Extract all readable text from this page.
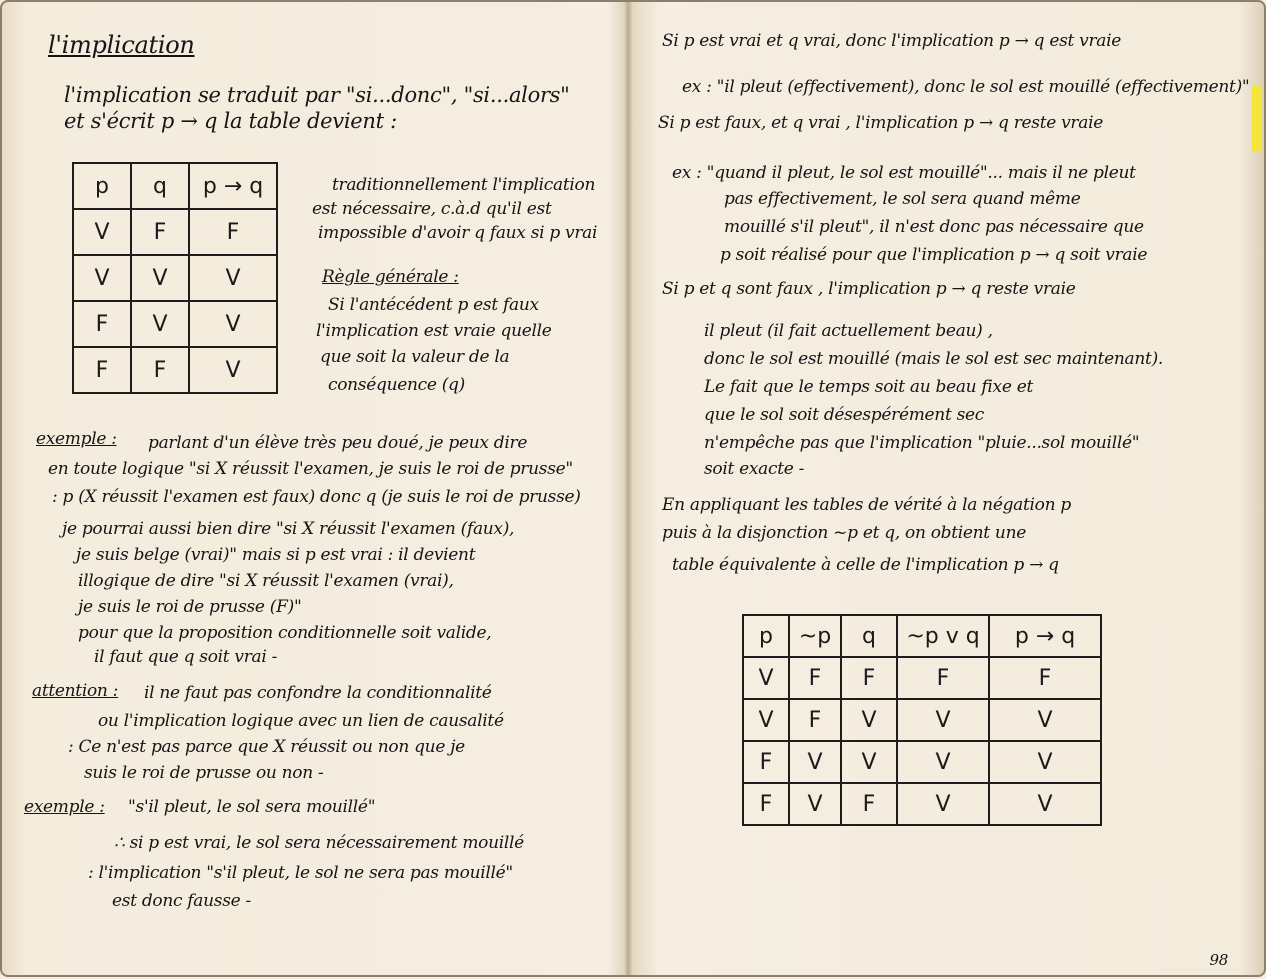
l'implication
l'implication se traduit par "si...donc", "si...alors"
et s'écrit p → q la table devient :
p	q	p → q
V	F	F
V	V	V
F	V	V
F	F	V
traditionnellement l'implication
est nécessaire, c.à.d qu'il est
impossible d'avoir q faux si p vrai
Règle générale :
Si l'antécédent p est faux
l'implication est vraie quelle
que soit la valeur de la
conséquence (q)
exemple : parlant d'un élève très peu doué, je peux dire
en toute logique "si X réussit l'examen, je suis le roi de prusse"
: p (X réussit l'examen est faux) donc q (je suis le roi de prusse)
je pourrai aussi bien dire "si X réussit l'examen (faux),
je suis belge (vrai)" mais si p est vrai : il devient
illogique de dire "si X réussit l'examen (vrai),
je suis le roi de prusse (F)"
pour que la proposition conditionnelle soit valide,
il faut que q soit vrai -
attention : il ne faut pas confondre la conditionnalité
ou l'implication logique avec un lien de causalité
: Ce n'est pas parce que X réussit ou non que je
suis le roi de prusse ou non -
exemple : "s'il pleut, le sol sera mouillé"
∴ si p est vrai, le sol sera nécessairement mouillé
: l'implication "s'il pleut, le sol ne sera pas mouillé"
est donc fausse -
Si p est vrai et q vrai, donc l'implication p → q est vraie
ex : "il pleut (effectivement), donc le sol est mouillé (effectivement)"
Si p est faux, et q vrai , l'implication p → q reste vraie
ex : "quand il pleut, le sol est mouillé"... mais il ne pleut
pas effectivement, le sol sera quand même
mouillé s'il pleut", il n'est donc pas nécessaire que
p soit réalisé pour que l'implication p → q soit vraie
Si p et q sont faux , l'implication p → q reste vraie
il pleut (il fait actuellement beau) ,
donc le sol est mouillé (mais le sol est sec maintenant).
Le fait que le temps soit au beau fixe et
que le sol soit désespérément sec
n'empêche pas que l'implication "pluie...sol mouillé"
soit exacte -
En appliquant les tables de vérité à la négation p
puis à la disjonction ~p et q, on obtient une
table équivalente à celle de l'implication p → q
p	~p	q	~p v q	p → q
V	F	F	F	F
V	F	V	V	V
F	V	V	V	V
F	V	F	V	V
98
